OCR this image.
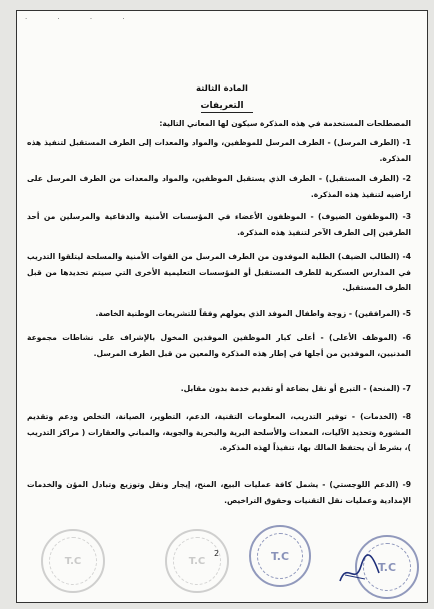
· · · ·
المادة الثالثة
التعريفات
المصطلحات المستخدمة في هذه المذكرة سيكون لها المعاني التالية:
1- (الطرف المرسل) - الطرف المرسل للموظفين، والمواد والمعدات إلى الطرف المستقبل لتنفيذ هذه المذكرة.
2- (الطرف المستقبل) - الطرف الذي يستقبل الموظفين، والمواد والمعدات من الطرف المرسل على اراضيه لتنفيذ هذه المذكرة.
3- (الموظفون الضيوف) - الموظفون الأعضاء في المؤسسات الأمنية والدفاعية والمرسلين من أحد الطرفين إلى الطرف الآخر لتنفيذ هذه المذكرة.
4- (الطالب الضيف) الطلبة الموفدون من الطرف المرسل من القوات الأمنية والمسلحة ليتلقوا التدريب في المدارس العسكرية للطرف المستقبل أو المؤسسات التعليمية الأخرى التي سيتم تحديدها من قبل الطرف المستقبل.
5- (المرافقين) - زوجة واطفال الموفد الذي يعولهم وفقاً للتشريعات الوطنية الخاصة.
6- (الموظف الأعلى) - أعلى كبار الموظفين الموفدين المخول بالإشراف على نشاطات مجموعة المدنيين، الموفدين من أجلها في إطار هذه المذكرة والمعين من قبل الطرف المرسل.
7- (المنحة) - التبرع أو نقل بضاعة أو تقديم خدمة بدون مقابل.
8- (الخدمات) - توفير التدريب، المعلومات التقنية، الدعم، التطوير، الصيانة، التخلص ودعم وتقديم المشورة وتحديد الآليات، المعدات والأسلحة البرية والبحرية والجوية، والمباني والعقارات ( مراكز التدريب )، بشرط أن يحتفظ المالك بها، تنفيذاً لهذه المذكرة.
9- (الدعم اللوجستي) - يشمل كافة عمليات البيع، المنح، إيجار ونقل وتوزيع وتبادل المؤن والخدمات الإمدادية وعمليات نقل التقنيات وحقوق التراخيص.
T.C	T.C
2	T.C
T.C
